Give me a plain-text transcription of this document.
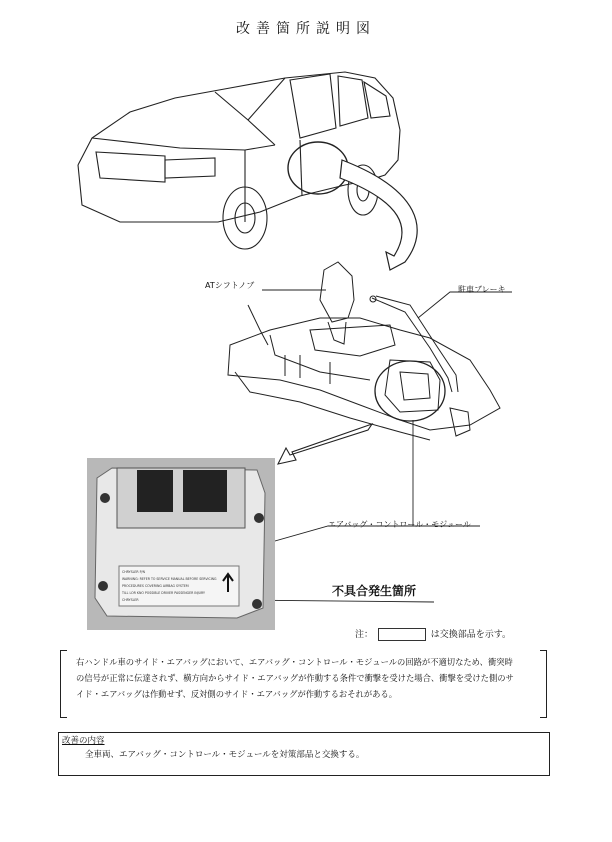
改善箇所説明図
CHRYSLER P/N
WARNING: REFER TO SERVICE MANUAL BEFORE SERVICING
PROCEDURES COVERING AIRBAG SYSTEM
TILL LOR KNO POSSIBLE DRIVER PASSENGER INJURY
CHRYSLER
ATシフトノブ	駐車ブレーキ
エアバッグ・コントロール・モジュール
不具合発生箇所
注：	は交換部品を示す。
右ハンドル車のサイド・エアバッグにおいて、エアバッグ・コントロール・モジュールの回路が不適切なため、衝突時の信号が正常に伝達されず、横方向からサイド・エアバッグが作動する条件で衝撃を受けた場合、衝撃を受けた側のサイド・エアバッグは作動せず、反対側のサイド・エアバッグが作動するおそれがある。
改善の内容
全車両、エアバッグ・コントロール・モジュールを対策部品と交換する。
